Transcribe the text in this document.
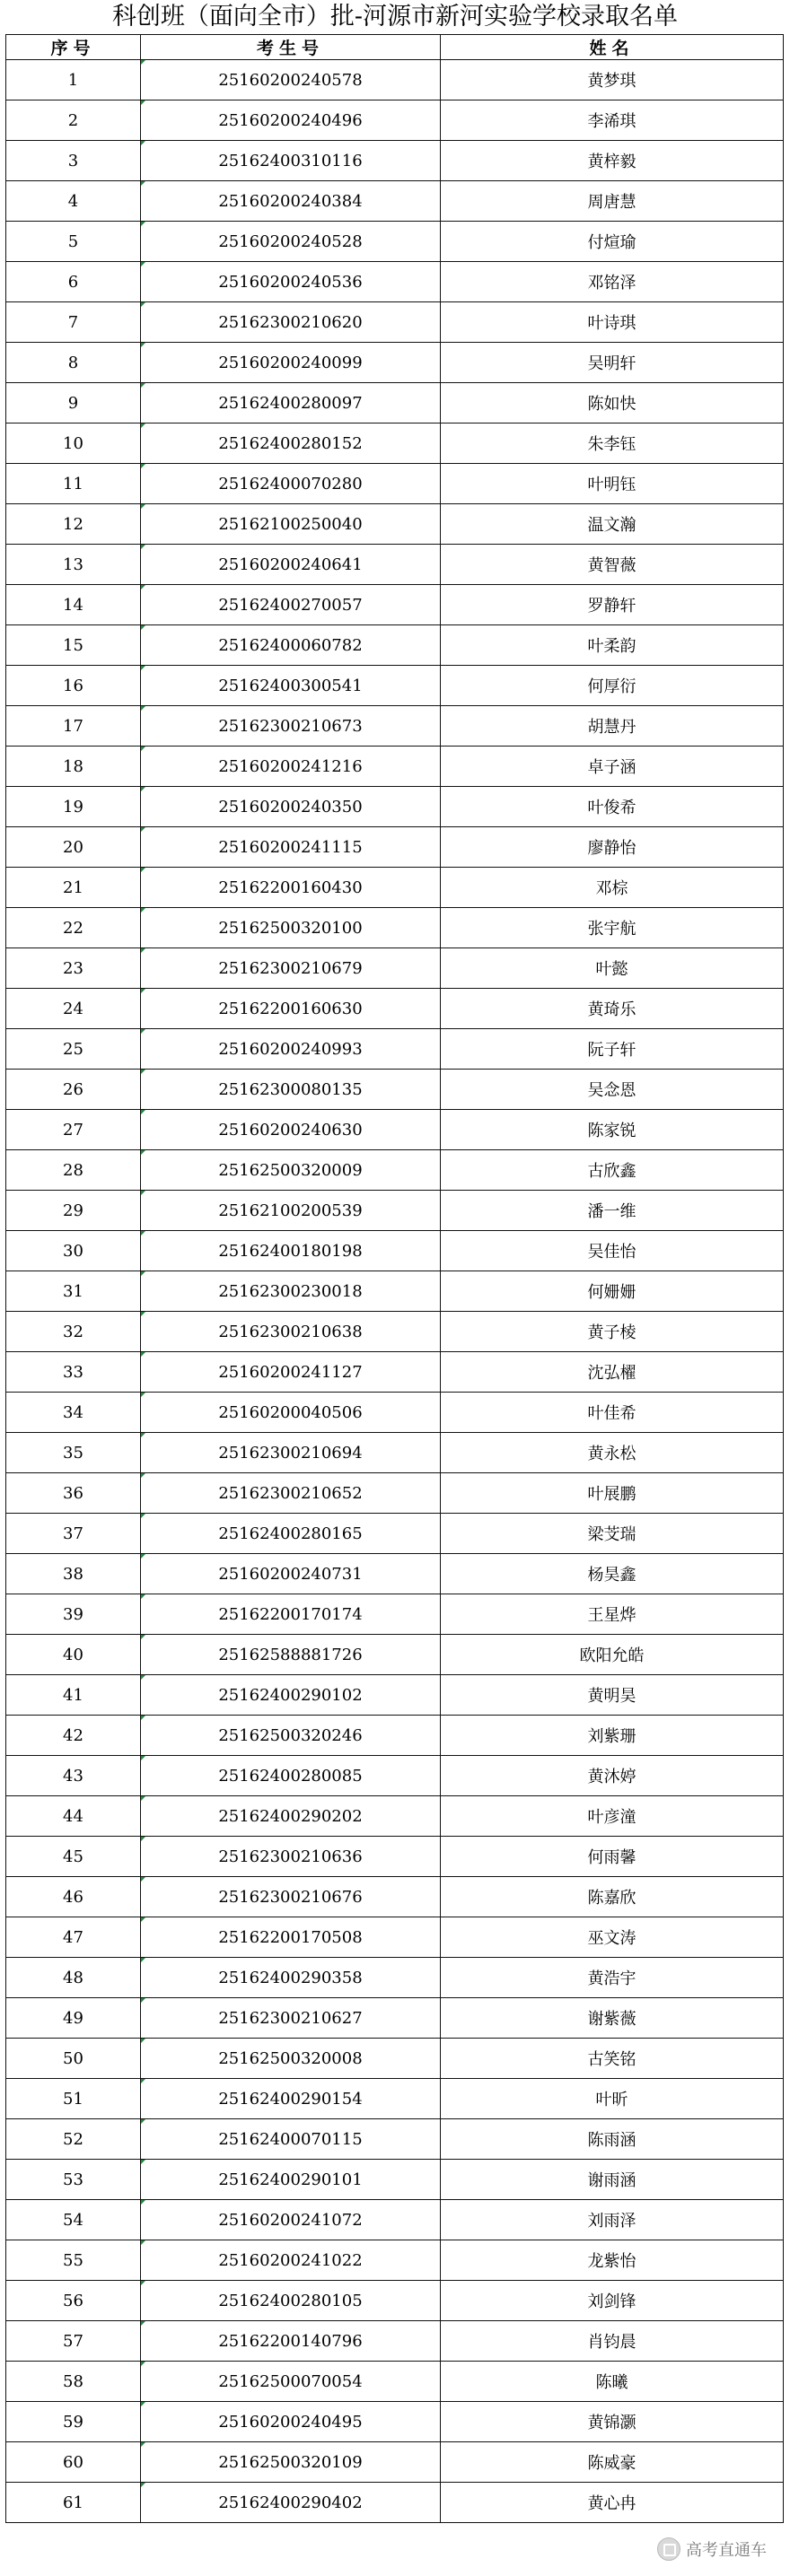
科创班（面向全市）批-河源市新河实验学校录取名单
序号	考生号	姓名
1	25160200240578	黄梦琪
2	25160200240496	李浠琪
3	25162400310116	黄梓毅
4	25160200240384	周唐慧
5	25160200240528	付煊瑜
6	25160200240536	邓铭泽
7	25162300210620	叶诗琪
8	25160200240099	吴明轩
9	25162400280097	陈如快
10	25162400280152	朱李钰
11	25162400070280	叶明钰
12	25162100250040	温文瀚
13	25160200240641	黄智薇
14	25162400270057	罗静轩
15	25162400060782	叶柔韵
16	25162400300541	何厚衍
17	25162300210673	胡慧丹
18	25160200241216	卓子涵
19	25160200240350	叶俊希
20	25160200241115	廖静怡
21	25162200160430	邓棕
22	25162500320100	张宇航
23	25162300210679	叶懿
24	25162200160630	黄琦乐
25	25160200240993	阮子轩
26	25162300080135	吴念恩
27	25160200240630	陈家锐
28	25162500320009	古欣鑫
29	25162100200539	潘一维
30	25162400180198	吴佳怡
31	25162300230018	何姗姗
32	25162300210638	黄子棱
33	25160200241127	沈弘櫂
34	25160200040506	叶佳希
35	25162300210694	黄永松
36	25162300210652	叶展鹏
37	25162400280165	梁芠瑞
38	25160200240731	杨昊鑫
39	25162200170174	王星烨
40	25162588881726	欧阳允皓
41	25162400290102	黄明昊
42	25162500320246	刘紫珊
43	25162400280085	黄沐婷
44	25162400290202	叶彦潼
45	25162300210636	何雨馨
46	25162300210676	陈嘉欣
47	25162200170508	巫文涛
48	25162400290358	黄浩宇
49	25162300210627	谢紫薇
50	25162500320008	古笑铭
51	25162400290154	叶昕
52	25162400070115	陈雨涵
53	25162400290101	谢雨涵
54	25160200241072	刘雨泽
55	25160200241022	龙紫怡
56	25162400280105	刘剑锋
57	25162200140796	肖钧晨
58	25162500070054	陈曦
59	25160200240495	黄锦灏
60	25162500320109	陈威豪
61	25162400290402	黄心冉
高考直通车
